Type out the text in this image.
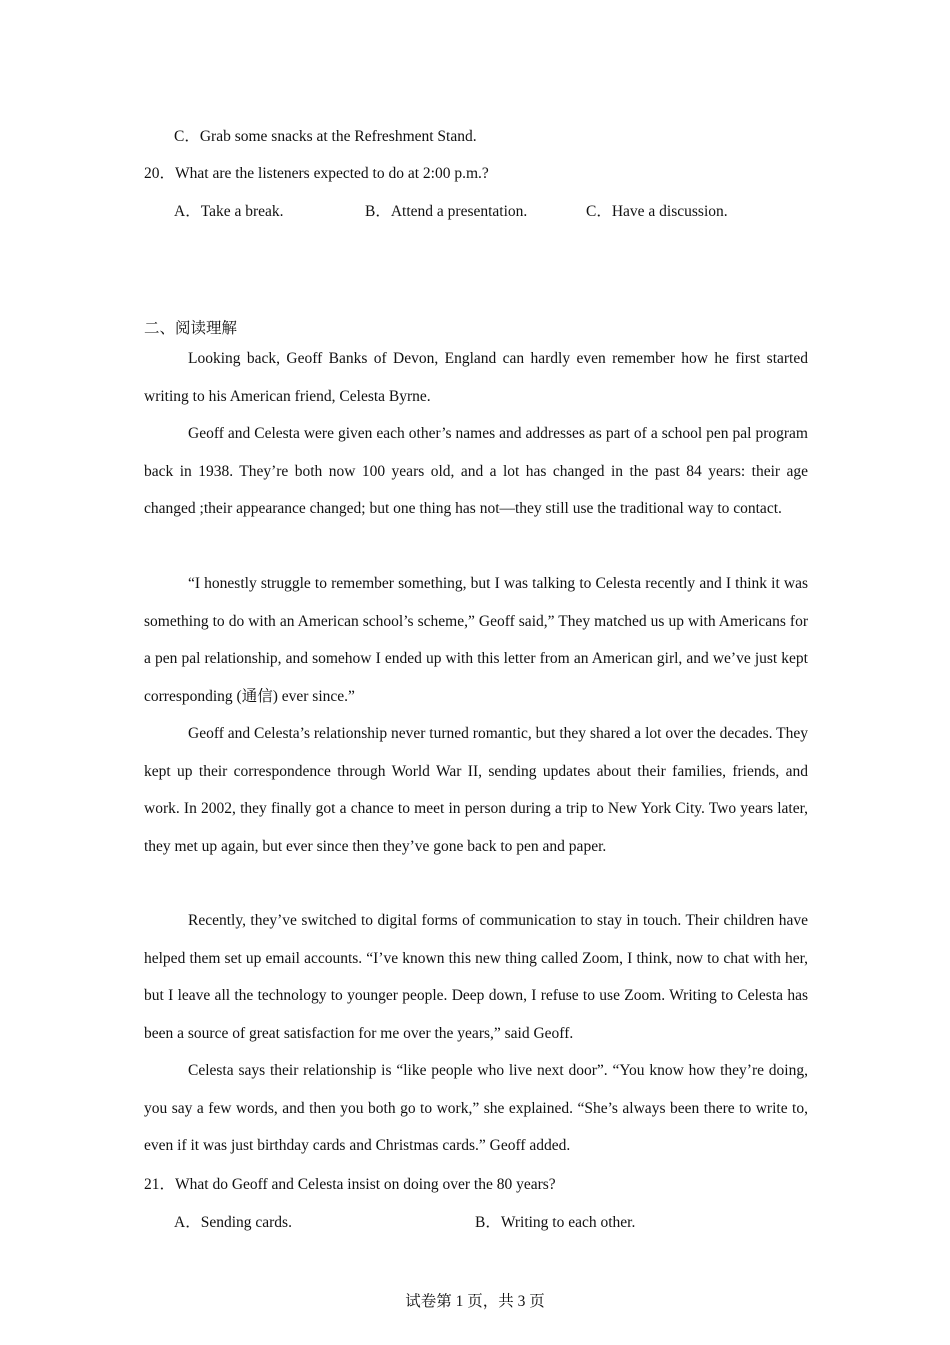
C．Grab some snacks at the Refreshment Stand.
20．What are the listeners expected to do at 2:00 p.m.?
A．Take a break.	B．Attend a presentation.	C．Have a discussion.
二、阅读理解
Looking back, Geoff Banks of Devon, England can hardly even remember how he first started writing to his American friend, Celesta Byrne.
Geoff and Celesta were given each other’s names and addresses as part of a school pen pal program back in 1938. They’re both now 100 years old, and a lot has changed in the past 84 years: their age changed ;their appearance changed; but one thing has not—they still use the traditional way to contact.
“I honestly struggle to remember something, but I was talking to Celesta recently and I think it was something to do with an American school’s scheme,” Geoff said,” They matched us up with Americans for a pen pal relationship, and somehow I ended up with this letter from an American girl, and we’ve just kept corresponding (通信) ever since.”
Geoff and Celesta’s relationship never turned romantic, but they shared a lot over the decades. They kept up their correspondence through World War II, sending updates about their families, friends, and work. In 2002, they finally got a chance to meet in person during a trip to New York City. Two years later, they met up again, but ever since then they’ve gone back to pen and paper.
Recently, they’ve switched to digital forms of communication to stay in touch. Their children have helped them set up email accounts. “I’ve known this new thing called Zoom, I think, now to chat with her, but I leave all the technology to younger people. Deep down, I refuse to use Zoom. Writing to Celesta has been a source of great satisfaction for me over the years,” said Geoff.
Celesta says their relationship is “like people who live next door”. “You know how they’re doing, you say a few words, and then you both go to work,” she explained. “She’s always been there to write to, even if it was just birthday cards and Christmas cards.” Geoff added.
21．What do Geoff and Celesta insist on doing over the 80 years?
A．Sending cards.	B．Writing to each other.
试卷第 1 页，共 3 页
